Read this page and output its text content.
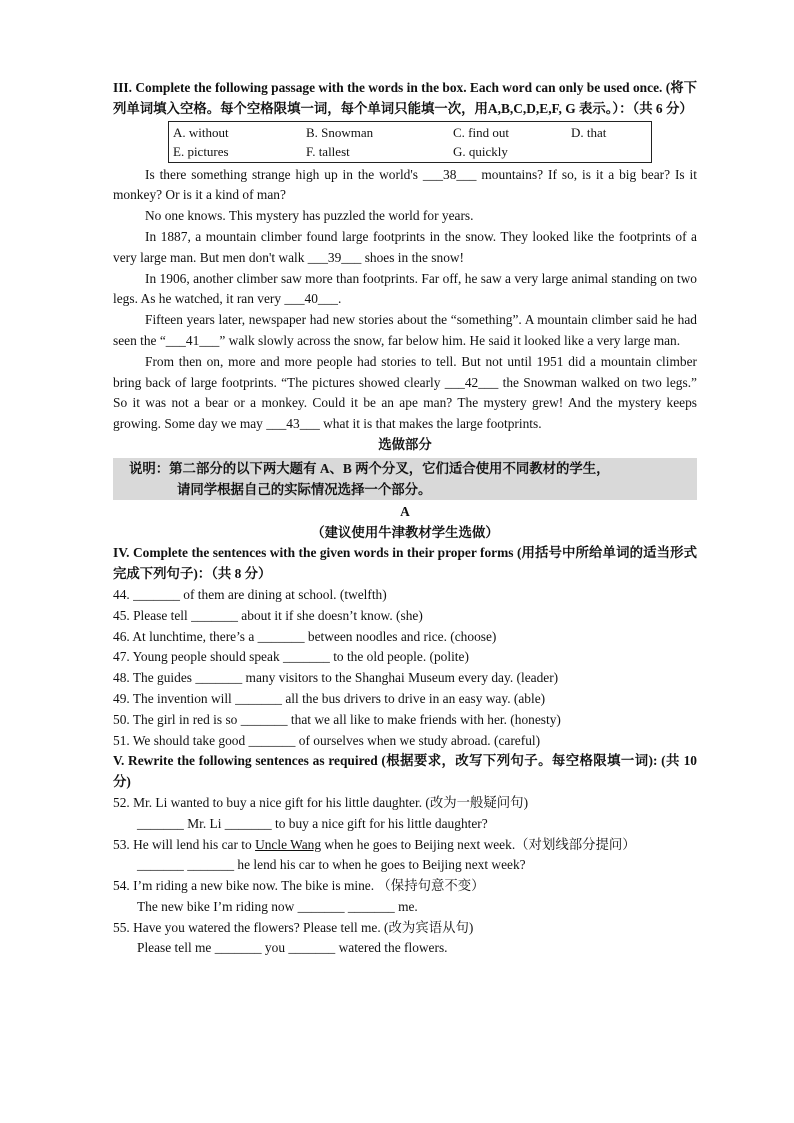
III. Complete the following passage with the words in the box. Each word can only be used once. (将下列单词填入空格。每个空格限填一词，每个单词只能填一次，用A,B,C,D,E,F, G 表示。）：（共 6 分）
A. without	B. Snowman	C. find out	D. that
E. pictures	F. tallest	G. quickly
Is there something strange high up in the world's ___38___ mountains? If so, is it a big bear? Is it monkey? Or is it a kind of man?
No one knows. This mystery has puzzled the world for years.
In 1887, a mountain climber found large footprints in the snow. They looked like the footprints of a very large man. But men don't walk ___39___ shoes in the snow!
In 1906, another climber saw more than footprints. Far off, he saw a very large animal standing on two legs. As he watched, it ran very ___40___.
Fifteen years later, newspaper had new stories about the “something”. A mountain climber said he had seen the “___41___” walk slowly across the snow, far below him. He said it looked like a very large man.
From then on, more and more people had stories to tell. But not until 1951 did a mountain climber bring back of large footprints. “The pictures showed clearly ___42___ the Snowman walked on two legs.” So it was not a bear or a monkey. Could it be an ape man? The mystery grew! And the mystery keeps growing. Some day we may ___43___ what it is that makes the large footprints.
选做部分
说明：第二部分的以下两大题有 A、B 两个分叉，它们适合使用不同教材的学生，
请同学根据自己的实际情况选择一个部分。
A
（建议使用牛津教材学生选做）
IV. Complete the sentences with the given words in their proper forms (用括号中所给单词的适当形式完成下列句子)：（共 8 分）
44. _______ of them are dining at school. (twelfth)
45. Please tell _______ about it if she doesn’t know. (she)
46. At lunchtime, there’s a _______ between noodles and rice. (choose)
47. Young people should speak _______ to the old people. (polite)
48. The guides _______ many visitors to the Shanghai Museum every day. (leader)
49. The invention will _______ all the bus drivers to drive in an easy way. (able)
50. The girl in red is so _______ that we all like to make friends with her. (honesty)
51. We should take good _______ of ourselves when we study abroad. (careful)
V. Rewrite the following sentences as required (根据要求，改写下列句子。每空格限填一词): (共 10 分)
52. Mr. Li wanted to buy a nice gift for his little daughter. (改为一般疑问句)
_______ Mr. Li _______ to buy a nice gift for his little daughter?
53. He will lend his car to Uncle Wang when he goes to Beijing next week.（对划线部分提问）
_______ _______ he lend his car to when he goes to Beijing next week?
54. I’m riding a new bike now. The bike is mine. （保持句意不变）
The new bike I’m riding now _______ _______ me.
55. Have you watered the flowers? Please tell me. (改为宾语从句)
Please tell me _______ you _______ watered the flowers.
